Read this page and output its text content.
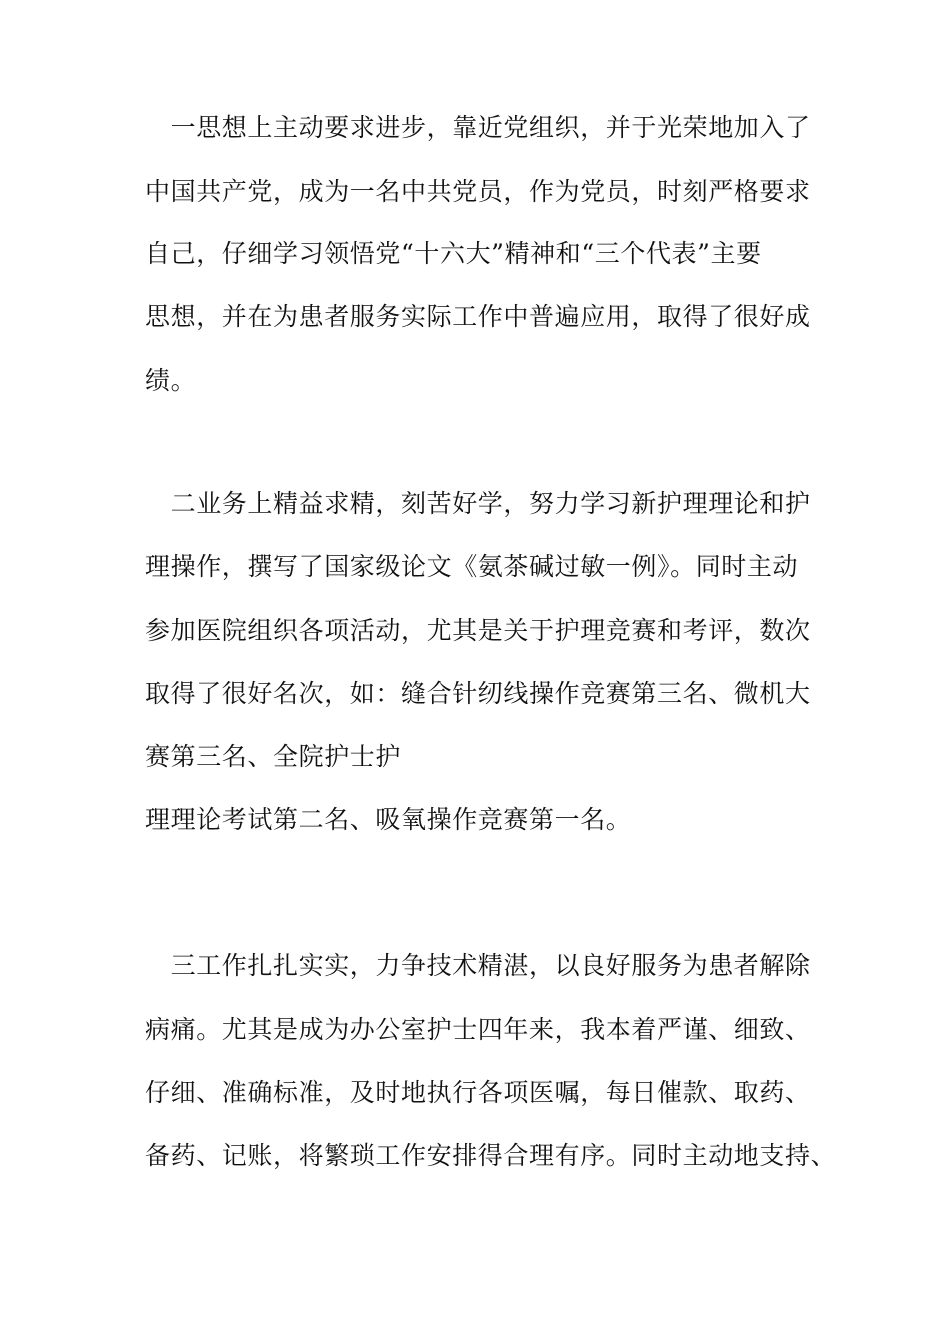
　一思想上主动要求进步，靠近党组织，并于光荣地加入了

中国共产党，成为一名中共党员，作为党员，时刻严格要求

自己，仔细学习领悟党“十六大”精神和“三个代表”主要

思想，并在为患者服务实际工作中普遍应用，取得了很好成

绩。

　二业务上精益求精，刻苦好学，努力学习新护理理论和护

理操作，撰写了国家级论文《氨茶碱过敏一例》。同时主动

参加医院组织各项活动，尤其是关于护理竞赛和考评，数次

取得了很好名次，如：缝合针纫线操作竞赛第三名、微机大

赛第三名、全院护士护

理理论考试第二名、吸氧操作竞赛第一名。

　三工作扎扎实实，力争技术精湛，以良好服务为患者解除

病痛。尤其是成为办公室护士四年来，我本着严谨、细致、

仔细、准确标准，及时地执行各项医嘱，每日催款、取药、

备药、记账，将繁琐工作安排得合理有序。同时主动地支持、
